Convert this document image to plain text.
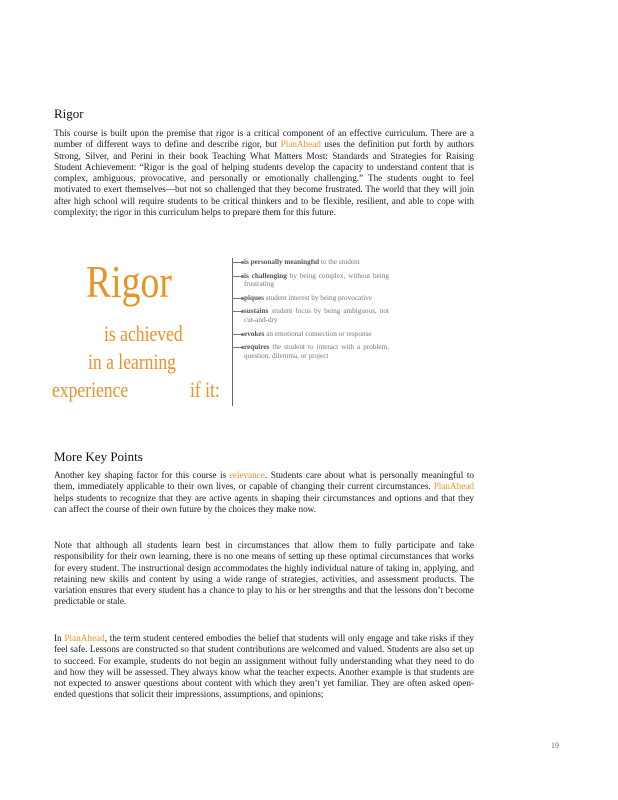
Rigor

This course is built upon the premise that rigor is a critical component of an effective curriculum. There are a number of different ways to define and describe rigor, but PlanAhead uses the definition put forth by authors Strong, Silver, and Perini in their book Teaching What Matters Most: Standards and Strategies for Raising Student Achievement: “Rigor is the goal of helping students develop the capacity to understand content that is complex, ambiguous, provocative, and personally or emotionally challenging.” The students ought to feel motivated to exert themselves—but not so challenged that they become frustrated. The world that they will join after high school will require students to be critical thinkers and to be flexible, resilient, and able to cope with complexity; the rigor in this curriculum helps to prepare them for this future.

Rigor
is achieved
in a learning
experience	if it:
is personally meaningful to the student
is challenging by being complex, without being frustrating
piques student interest by being provocative
sustains student focus by being ambiguous, not cut-and-dry
evokes an emotional connection or response
requires the student to interact with a problem, question, dilemma, or project
More Key Points

Another key shaping factor for this course is relevance. Students care about what is personally meaningful to them, immediately applicable to their own lives, or capable of changing their current circumstances. PlanAhead helps students to recognize that they are active agents in shaping their circumstances and options and that they can affect the course of their own future by the choices they make now.

Note that although all students learn best in circumstances that allow them to fully participate and take responsibility for their own learning, there is no one means of setting up these optimal circumstances that works for every student. The instructional design accommodates the highly individual nature of taking in, applying, and retaining new skills and content by using a wide range of strategies, activities, and assessment products. The variation ensures that every student has a chance to play to his or her strengths and that the lessons don’t become predictable or stale.

In PlanAhead, the term student centered embodies the belief that students will only engage and take risks if they feel safe. Lessons are constructed so that student contributions are welcomed and valued. Students are also set up to succeed. For example, students do not begin an assignment without fully understanding what they need to do and how they will be assessed. They always know what the teacher expects. Another example is that students are not expected to answer questions about content with which they aren’t yet familiar. They are often asked open-ended questions that solicit their impressions, assumptions, and opinions;

19
